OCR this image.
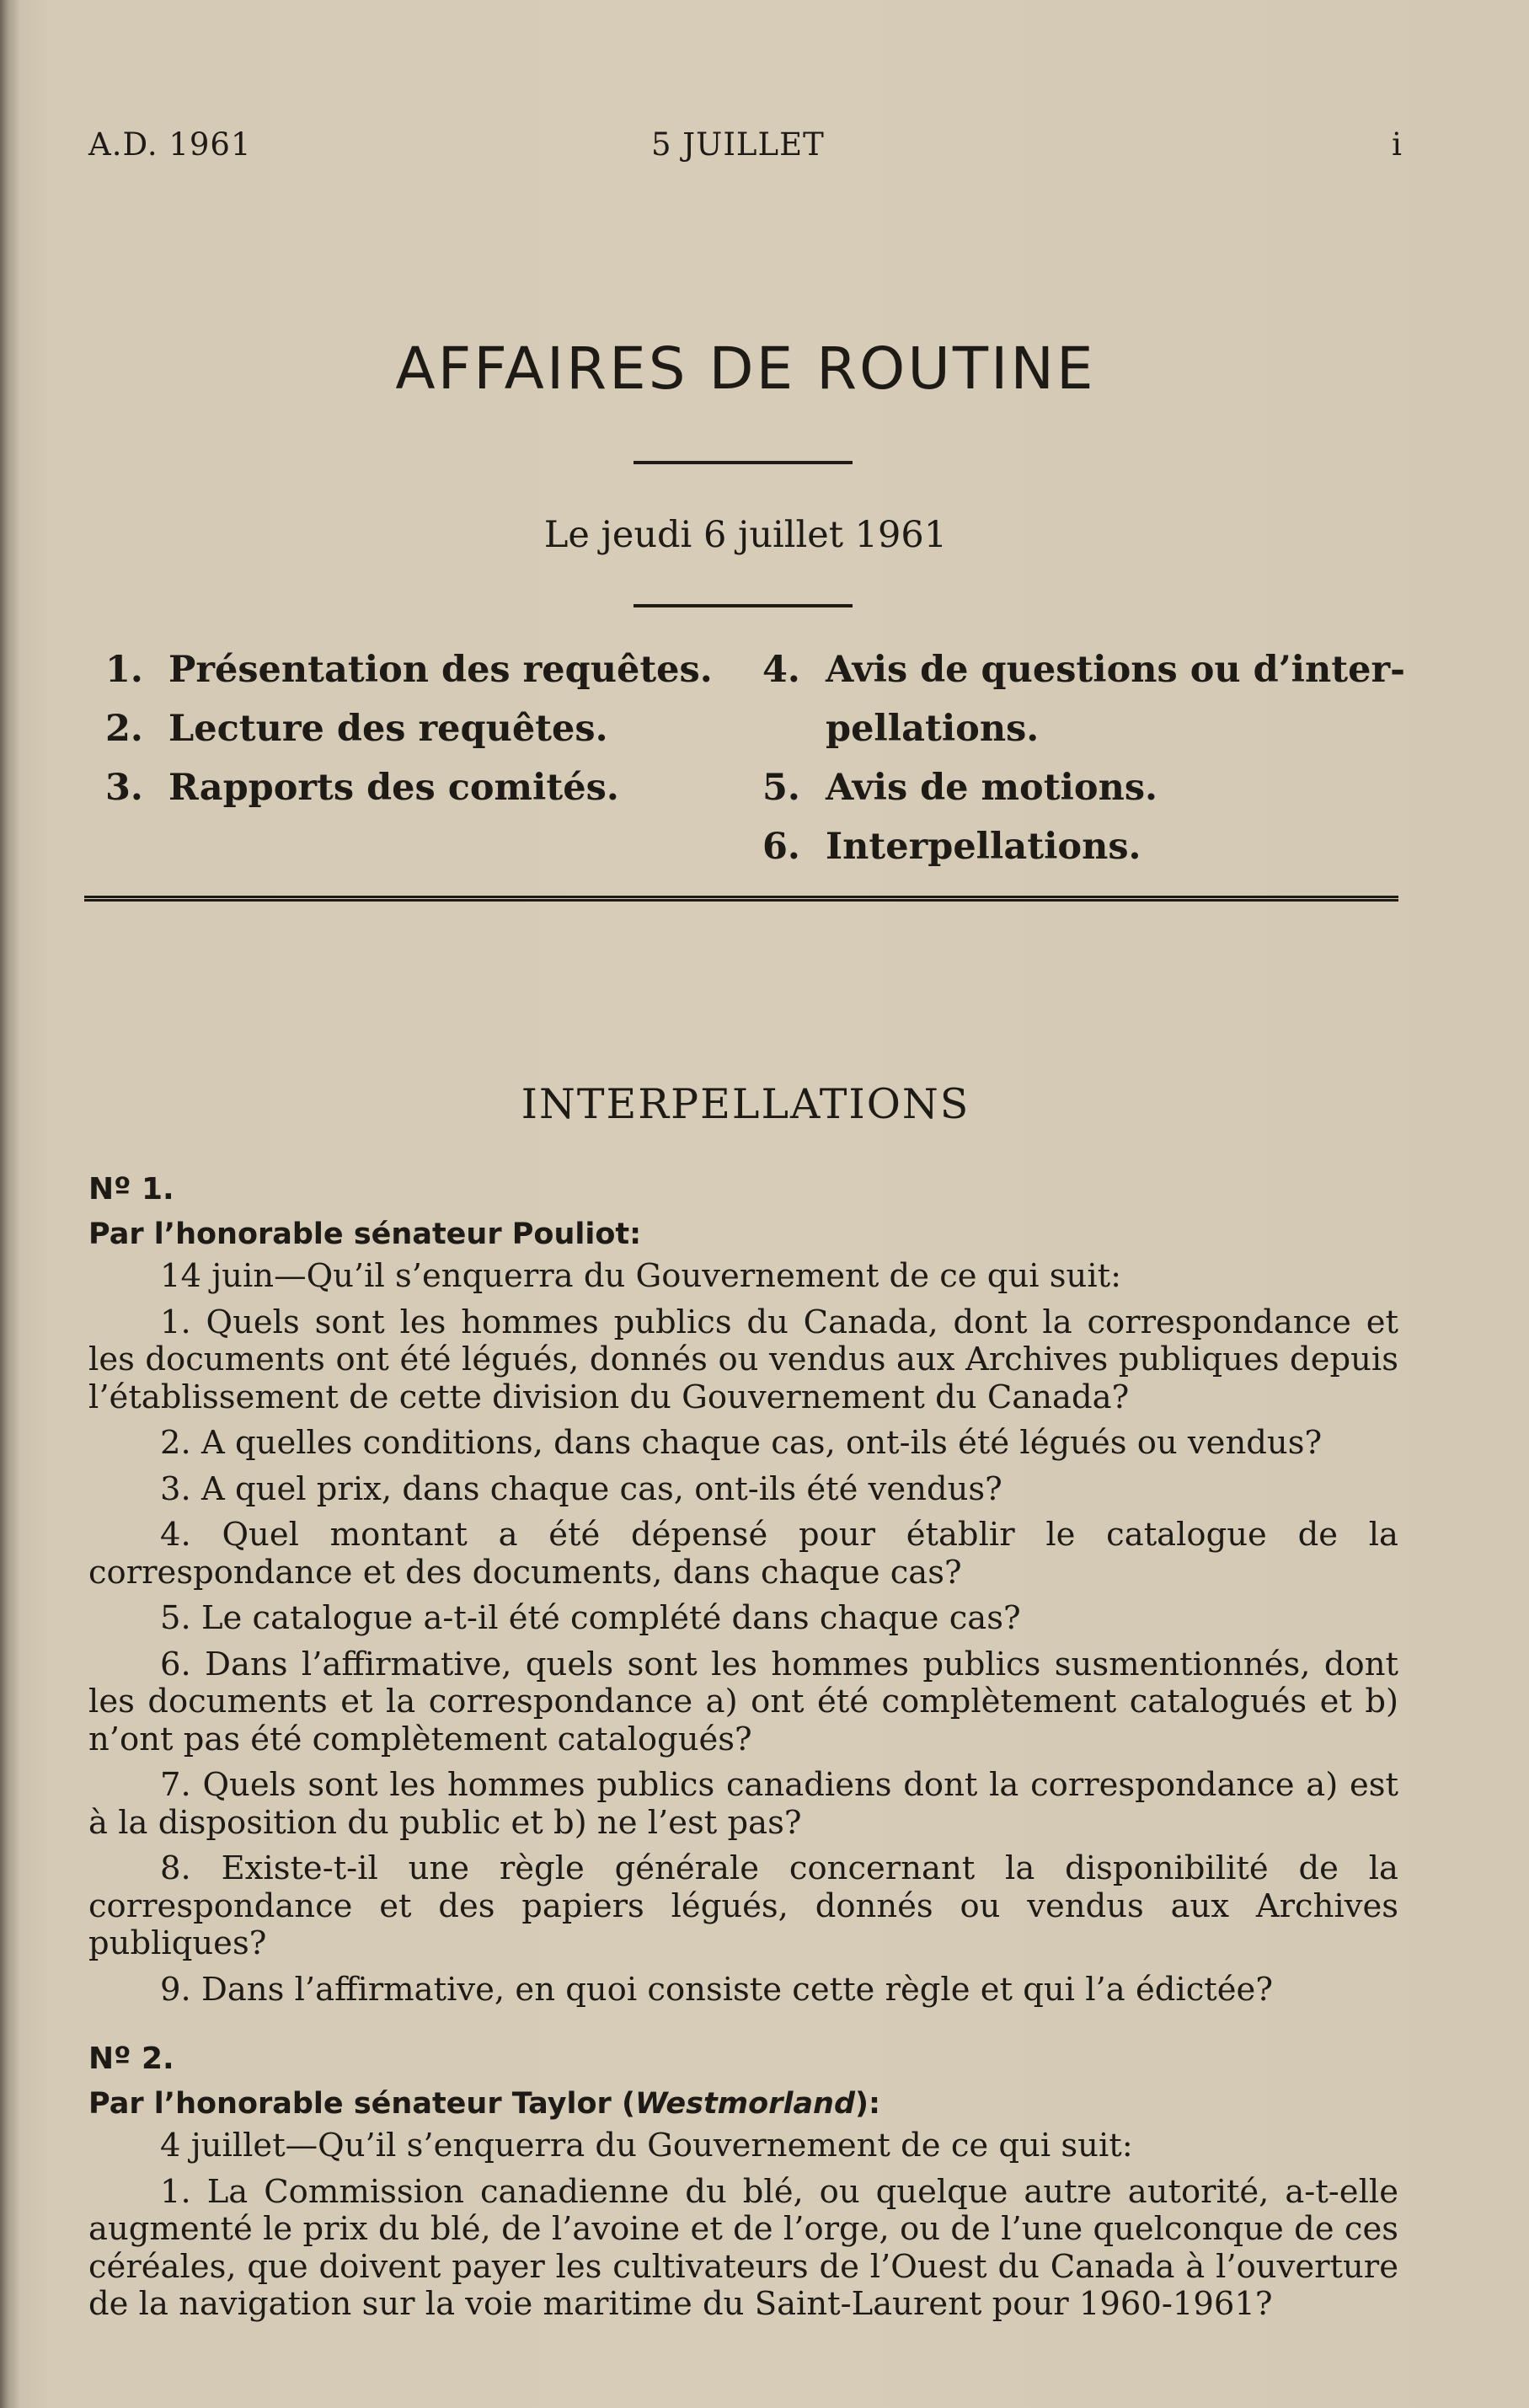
A.D. 1961	5 JUILLET	i
AFFAIRES DE ROUTINE
Le jeudi 6 juillet 1961
1. Présentation des requêtes.
2. Lecture des requêtes.
3. Rapports des comités.
4. Avis de questions ou d’inter-
pellations.
5. Avis de motions.
6. Interpellations.
INTERPELLATIONS
Nº 1.
Par l’honorable sénateur Pouliot:

14 juin—Qu’il s’enquerra du Gouvernement de ce qui suit:

1. Quels sont les hommes publics du Canada, dont la correspondance et les documents ont été légués, donnés ou vendus aux Archives publiques depuis l’établissement de cette division du Gouvernement du Canada?

2. A quelles conditions, dans chaque cas, ont-ils été légués ou vendus?

3. A quel prix, dans chaque cas, ont-ils été vendus?

4. Quel montant a été dépensé pour établir le catalogue de la correspondance et des documents, dans chaque cas?

5. Le catalogue a-t-il été complété dans chaque cas?

6. Dans l’affirmative, quels sont les hommes publics susmentionnés, dont les documents et la correspondance a) ont été complètement catalogués et b) n’ont pas été complètement catalogués?

7. Quels sont les hommes publics canadiens dont la correspondance a) est à la disposition du public et b) ne l’est pas?

8. Existe-t-il une règle générale concernant la disponibilité de la correspondance et des papiers légués, donnés ou vendus aux Archives publiques?

9. Dans l’affirmative, en quoi consiste cette règle et qui l’a édictée?

Nº 2.
Par l’honorable sénateur Taylor (Westmorland):

4 juillet—Qu’il s’enquerra du Gouvernement de ce qui suit:

1. La Commission canadienne du blé, ou quelque autre autorité, a-t-elle augmenté le prix du blé, de l’avoine et de l’orge, ou de l’une quelconque de ces céréales, que doivent payer les cultivateurs de l’Ouest du Canada à l’ouverture de la navigation sur la voie maritime du Saint-Laurent pour 1960-1961?
